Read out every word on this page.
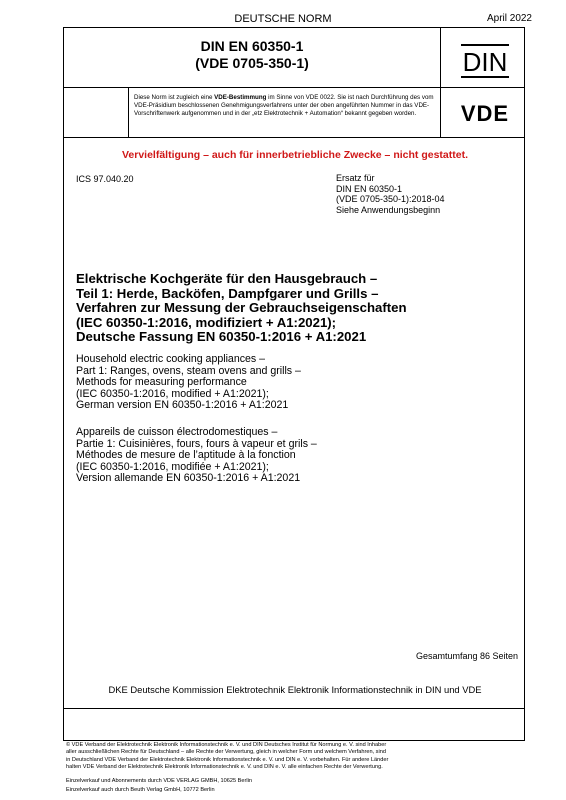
DEUTSCHE NORM	April 2022
DIN EN 60350-1
(VDE 0705-350-1)	DIN
VDE
Diese Norm ist zugleich eine VDE-Bestimmung im Sinne von VDE 0022. Sie ist nach Durchführung des vom VDE-Präsidium beschlossenen Genehmigungsverfahrens unter der oben angeführten Nummer in das VDE-Vorschriftenwerk aufgenommen und in der „etz Elektrotechnik + Automation“ bekannt gegeben worden.
Vervielfältigung – auch für innerbetriebliche Zwecke – nicht gestattet.
ICS 97.040.20	Ersatz für
DIN EN 60350-1
(VDE 0705-350-1):2018-04
Siehe Anwendungsbeginn
Elektrische Kochgeräte für den Hausgebrauch –
Teil 1: Herde, Backöfen, Dampfgarer und Grills –
Verfahren zur Messung der Gebrauchseigenschaften
(IEC 60350-1:2016, modifiziert + A1:2021);
Deutsche Fassung EN 60350-1:2016 + A1:2021
Household electric cooking appliances –
Part 1: Ranges, ovens, steam ovens and grills –
Methods for measuring performance
(IEC 60350-1:2016, modified + A1:2021);
German version EN 60350-1:2016 + A1:2021
Appareils de cuisson électrodomestiques –
Partie 1: Cuisinières, fours, fours à vapeur et grils –
Méthodes de mesure de l’aptitude à la fonction
(IEC 60350-1:2016, modifiée + A1:2021);
Version allemande EN 60350-1:2016 + A1:2021
Gesamtumfang 86 Seiten
DKE Deutsche Kommission Elektrotechnik Elektronik Informationstechnik in DIN und VDE
© VDE Verband der Elektrotechnik Elektronik Informationstechnik e. V. und DIN Deutsches Institut für Normung e. V. sind Inhaber
aller ausschließlichen Rechte für Deutschland – alle Rechte der Verwertung, gleich in welcher Form und welchem Verfahren, sind
in Deutschland VDE Verband der Elektrotechnik Elektronik Informationstechnik e. V. und DIN e. V. vorbehalten. Für andere Länder
halten VDE Verband der Elektrotechnik Elektronik Informationstechnik e. V. und DIN e. V. alle einfachen Rechte der Verwertung.
Einzelverkauf und Abonnements durch VDE VERLAG GMBH, 10625 Berlin
Einzelverkauf auch durch Beuth Verlag GmbH, 10772 Berlin
